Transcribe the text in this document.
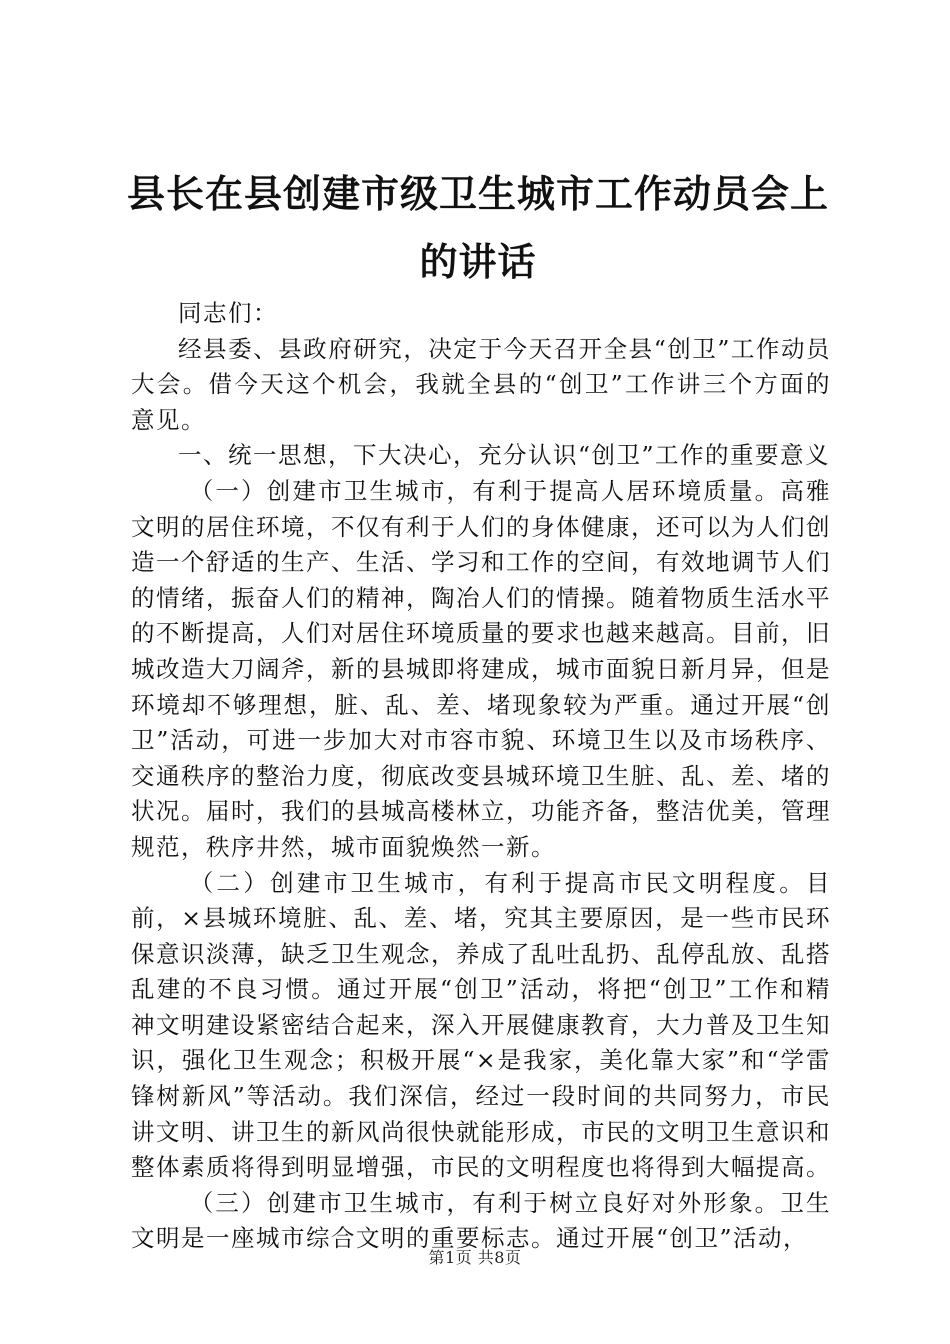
县长在县创建市级卫生城市工作动员会上的讲话

同志们：

经县委、县政府研究，决定于今天召开全县“创卫”工作动员大会。借今天这个机会，我就全县的“创卫”工作讲三个方面的意见。

一、统一思想，下大决心，充分认识“创卫”工作的重要意义

（一）创建市卫生城市，有利于提高人居环境质量。高雅文明的居住环境，不仅有利于人们的身体健康，还可以为人们创造一个舒适的生产、生活、学习和工作的空间，有效地调节人们的情绪，振奋人们的精神，陶冶人们的情操。随着物质生活水平的不断提高，人们对居住环境质量的要求也越来越高。目前，旧城改造大刀阔斧，新的县城即将建成，城市面貌日新月异，但是环境却不够理想，脏、乱、差、堵现象较为严重。通过开展“创卫”活动，可进一步加大对市容市貌、环境卫生以及市场秩序、交通秩序的整治力度，彻底改变县城环境卫生脏、乱、差、堵的状况。届时，我们的县城高楼林立，功能齐备，整洁优美，管理规范，秩序井然，城市面貌焕然一新。

（二）创建市卫生城市，有利于提高市民文明程度。目前，×县城环境脏、乱、差、堵，究其主要原因，是一些市民环保意识淡薄，缺乏卫生观念，养成了乱吐乱扔、乱停乱放、乱搭乱建的不良习惯。通过开展“创卫”活动，将把“创卫”工作和精神文明建设紧密结合起来，深入开展健康教育，大力普及卫生知识，强化卫生观念；积极开展“×是我家，美化靠大家”和“学雷锋树新风”等活动。我们深信，经过一段时间的共同努力，市民讲文明、讲卫生的新风尚很快就能形成，市民的文明卫生意识和整体素质将得到明显增强，市民的文明程度也将得到大幅提高。

（三）创建市卫生城市，有利于树立良好对外形象。卫生文明是一座城市综合文明的重要标志。通过开展“创卫”活动，

第1页 共8页
